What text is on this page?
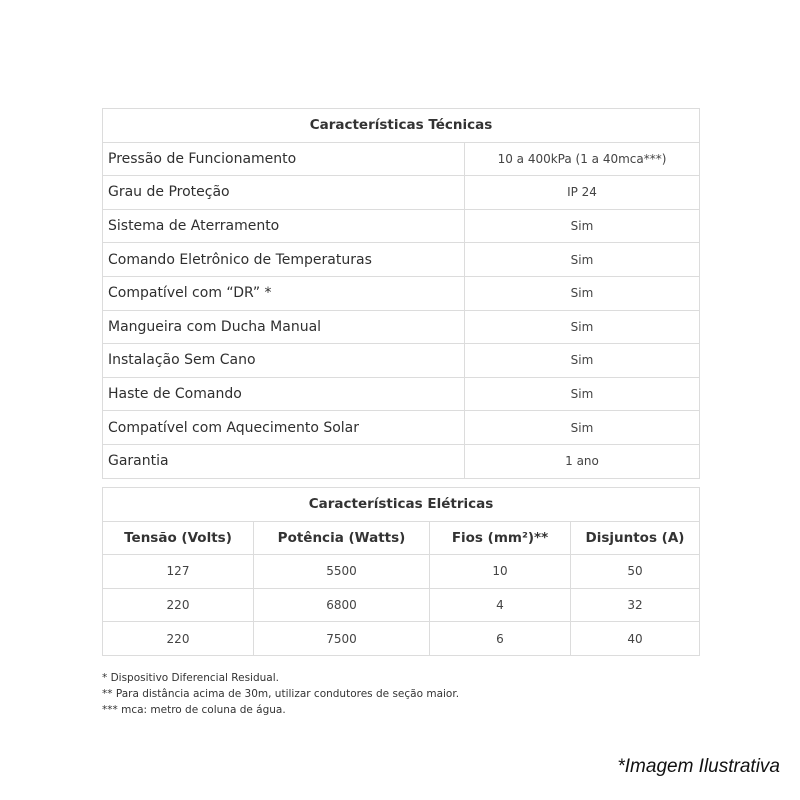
Características Técnicas	
Pressão de Funcionamento	10 a 400kPa (1 a 40mca***)
Grau de Proteção	IP 24
Sistema de Aterramento	Sim
Comando Eletrônico de Temperaturas	Sim
Compatível com “DR” *	Sim
Mangueira com Ducha Manual	Sim
Instalação Sem Cano	Sim
Haste de Comando	Sim
Compatível com Aquecimento Solar	Sim
Garantia	1 ano
Características Elétricas			
Tensão (Volts)	Potência (Watts)	Fios (mm²)**	Disjuntos (A)
127	5500	10	50
220	6800	4	32
220	7500	6	40
* Dispositivo Diferencial Residual.
** Para distância acima de 30m, utilizar condutores de seção maior.
*** mca: metro de coluna de água.
*Imagem Ilustrativa
